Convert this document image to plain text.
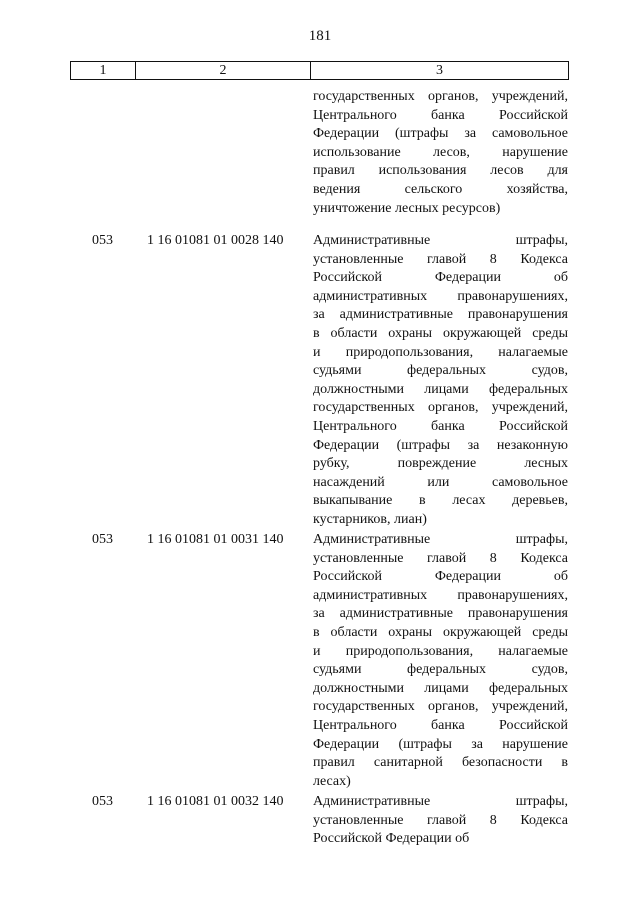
181
1	2	3
государственных органов, учреждений,
Центрального банка Российской
Федерации (штрафы за самовольное
использование лесов, нарушение
правил использования лесов для
ведения сельского хозяйства,
уничтожение лесных ресурсов)
053 1 16 01081 01 0028 140 Административные штрафы,
установленные главой 8 Кодекса
Российской Федерации об
административных правонарушениях,
за административные правонарушения
в области охраны окружающей среды
и природопользования, налагаемые
судьями федеральных судов,
должностными лицами федеральных
государственных органов, учреждений,
Центрального банка Российской
Федерации (штрафы за незаконную
рубку, повреждение лесных
насаждений или самовольное
выкапывание в лесах деревьев,
кустарников, лиан)
053 1 16 01081 01 0031 140 Административные штрафы,
установленные главой 8 Кодекса
Российской Федерации об
административных правонарушениях,
за административные правонарушения
в области охраны окружающей среды
и природопользования, налагаемые
судьями федеральных судов,
должностными лицами федеральных
государственных органов, учреждений,
Центрального банка Российской
Федерации (штрафы за нарушение
правил санитарной безопасности в
лесах)
053 1 16 01081 01 0032 140 Административные штрафы,
установленные главой 8 Кодекса
Российской Федерации об
